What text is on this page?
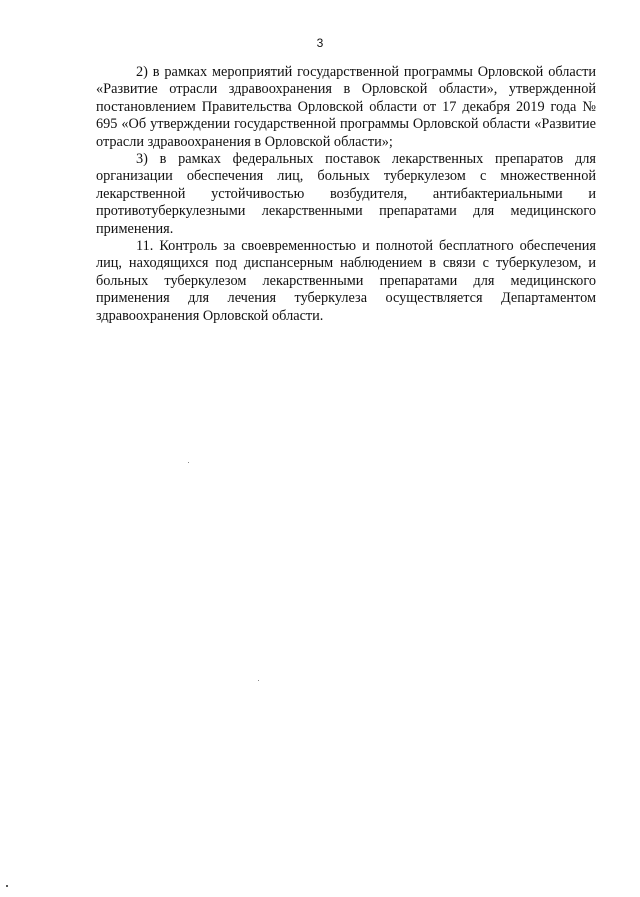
3

2) в рамках мероприятий государственной программы Орловской области «Развитие отрасли здравоохранения в Орловской области», утвержденной постановлением Правительства Орловской области от 17 декабря 2019 года № 695 «Об утверждении государственной программы Орловской области «Развитие отрасли здравоохранения в Орловской области»;

3) в рамках федеральных поставок лекарственных препаратов для организации обеспечения лиц, больных туберкулезом с множественной лекарственной устойчивостью возбудителя, антибактериальными и противотуберкулезными лекарственными препаратами для медицинского применения.

11. Контроль за своевременностью и полнотой бесплатного обеспечения лиц, находящихся под диспансерным наблюдением в связи с туберкулезом, и больных туберкулезом лекарственными препаратами для медицинского применения для лечения туберкулеза осуществляется Департаментом здравоохранения Орловской области.
